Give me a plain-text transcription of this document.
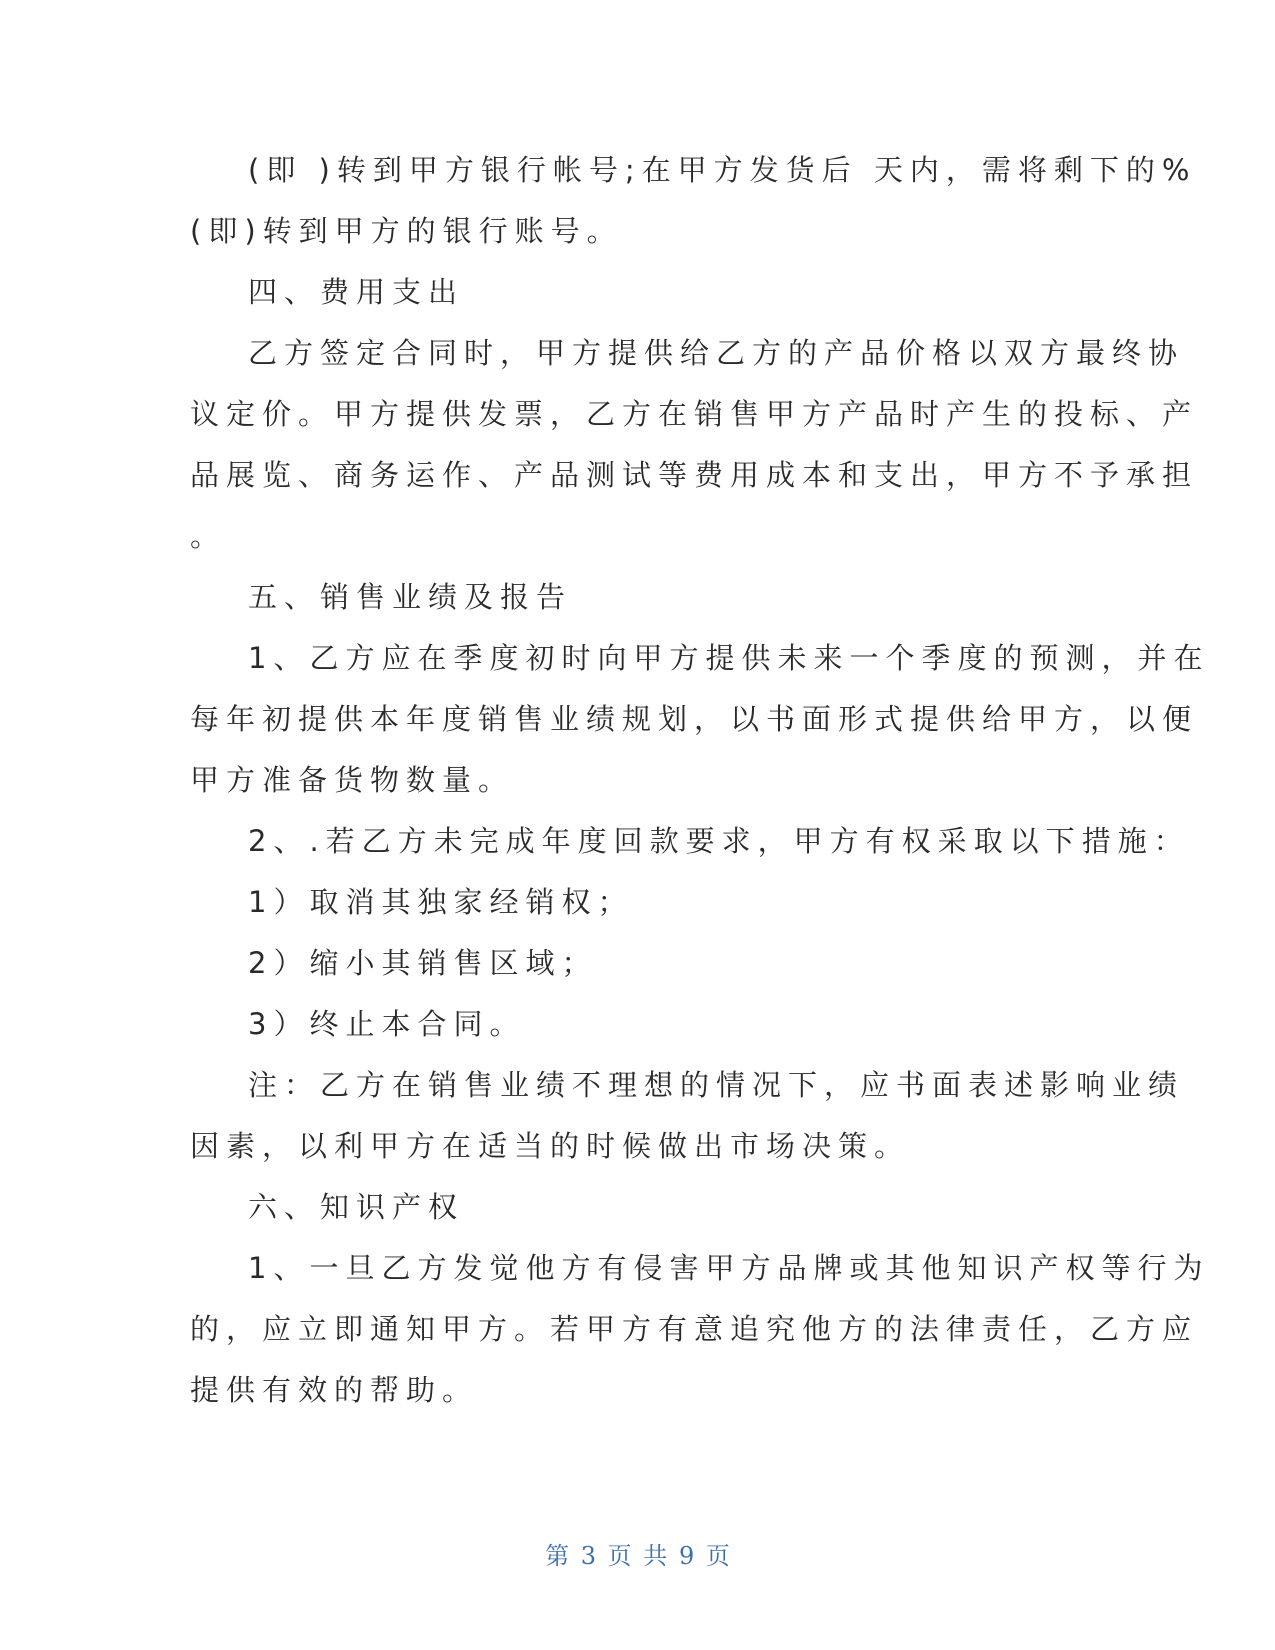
(即 )转到甲方银行帐号;在甲方发货后 天内，需将剩下的%
(即)转到甲方的银行账号。
四、费用支出
乙方签定合同时，甲方提供给乙方的产品价格以双方最终协
议定价。甲方提供发票，乙方在销售甲方产品时产生的投标、产
品展览、商务运作、产品测试等费用成本和支出，甲方不予承担
。
五、销售业绩及报告
1、乙方应在季度初时向甲方提供未来一个季度的预测，并在
每年初提供本年度销售业绩规划，以书面形式提供给甲方，以便
甲方准备货物数量。
2、.若乙方未完成年度回款要求，甲方有权采取以下措施：
1）取消其独家经销权；
2）缩小其销售区域；
3）终止本合同。
注：乙方在销售业绩不理想的情况下，应书面表述影响业绩
因素，以利甲方在适当的时候做出市场决策。
六、知识产权
1、一旦乙方发觉他方有侵害甲方品牌或其他知识产权等行为
的，应立即通知甲方。若甲方有意追究他方的法律责任，乙方应
提供有效的帮助。
第 3 页 共 9 页
